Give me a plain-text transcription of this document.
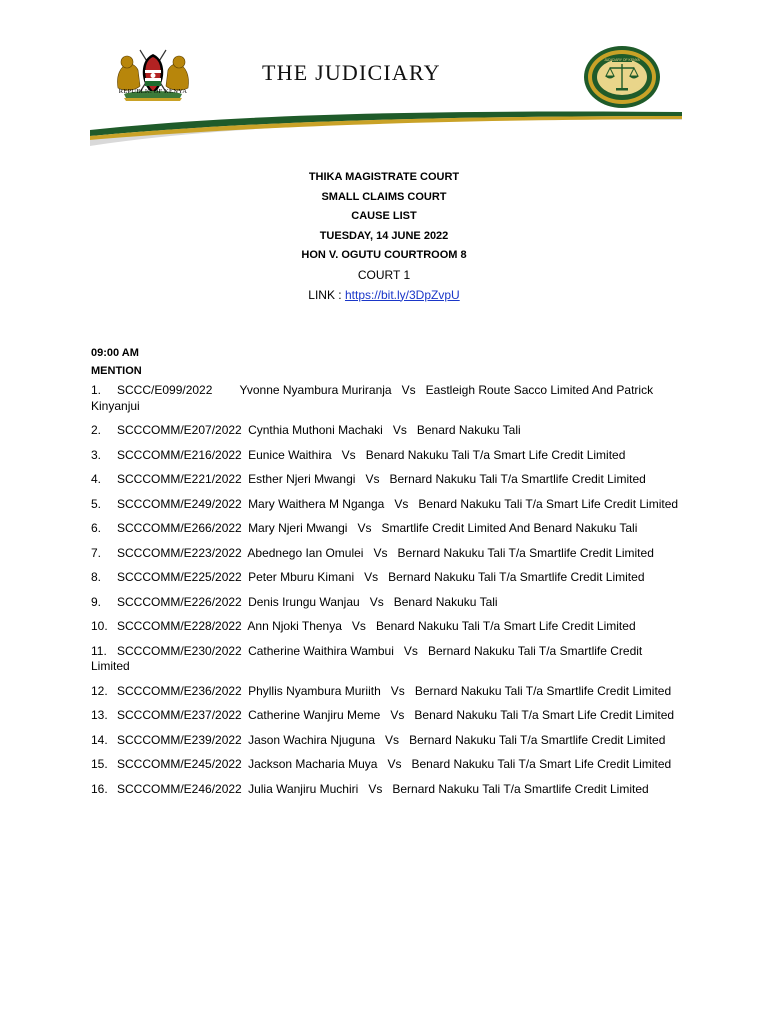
REPUBLIC OF KENYA
THE JUDICIARY	JUDICIARY OF KENYA
THIKA MAGISTRATE COURT
SMALL CLAIMS COURT
CAUSE LIST
TUESDAY, 14 JUNE 2022
HON V. OGUTU COURTROOM 8
COURT 1
LINK : https://bit.ly/3DpZvpU
09:00 AM
MENTION

1. SCCC/E099/2022 Yvonne Nyambura Muriranja Vs Eastleigh Route Sacco Limited And Patrick Kinyanjui

2. SCCCOMM/E207/2022 Cynthia Muthoni Machaki Vs Benard Nakuku Tali

3. SCCCOMM/E216/2022 Eunice Waithira Vs Benard Nakuku Tali T/a Smart Life Credit Limited

4. SCCCOMM/E221/2022 Esther Njeri Mwangi Vs Bernard Nakuku Tali T/a Smartlife Credit Limited

5. SCCCOMM/E249/2022 Mary Waithera M Nganga Vs Benard Nakuku Tali T/a Smart Life Credit Limited

6. SCCCOMM/E266/2022 Mary Njeri Mwangi Vs Smartlife Credit Limited And Benard Nakuku Tali

7. SCCCOMM/E223/2022 Abednego Ian Omulei Vs Bernard Nakuku Tali T/a Smartlife Credit Limited

8. SCCCOMM/E225/2022 Peter Mburu Kimani Vs Bernard Nakuku Tali T/a Smartlife Credit Limited

9. SCCCOMM/E226/2022 Denis Irungu Wanjau Vs Benard Nakuku Tali

10. SCCCOMM/E228/2022 Ann Njoki Thenya Vs Benard Nakuku Tali T/a Smart Life Credit Limited

11. SCCCOMM/E230/2022 Catherine Waithira Wambui Vs Bernard Nakuku Tali T/a Smartlife Credit Limited

12. SCCCOMM/E236/2022 Phyllis Nyambura Muriith Vs Bernard Nakuku Tali T/a Smartlife Credit Limited

13. SCCCOMM/E237/2022 Catherine Wanjiru Meme Vs Benard Nakuku Tali T/a Smart Life Credit Limited

14. SCCCOMM/E239/2022 Jason Wachira Njuguna Vs Bernard Nakuku Tali T/a Smartlife Credit Limited

15. SCCCOMM/E245/2022 Jackson Macharia Muya Vs Benard Nakuku Tali T/a Smart Life Credit Limited

16. SCCCOMM/E246/2022 Julia Wanjiru Muchiri Vs Bernard Nakuku Tali T/a Smartlife Credit Limited
